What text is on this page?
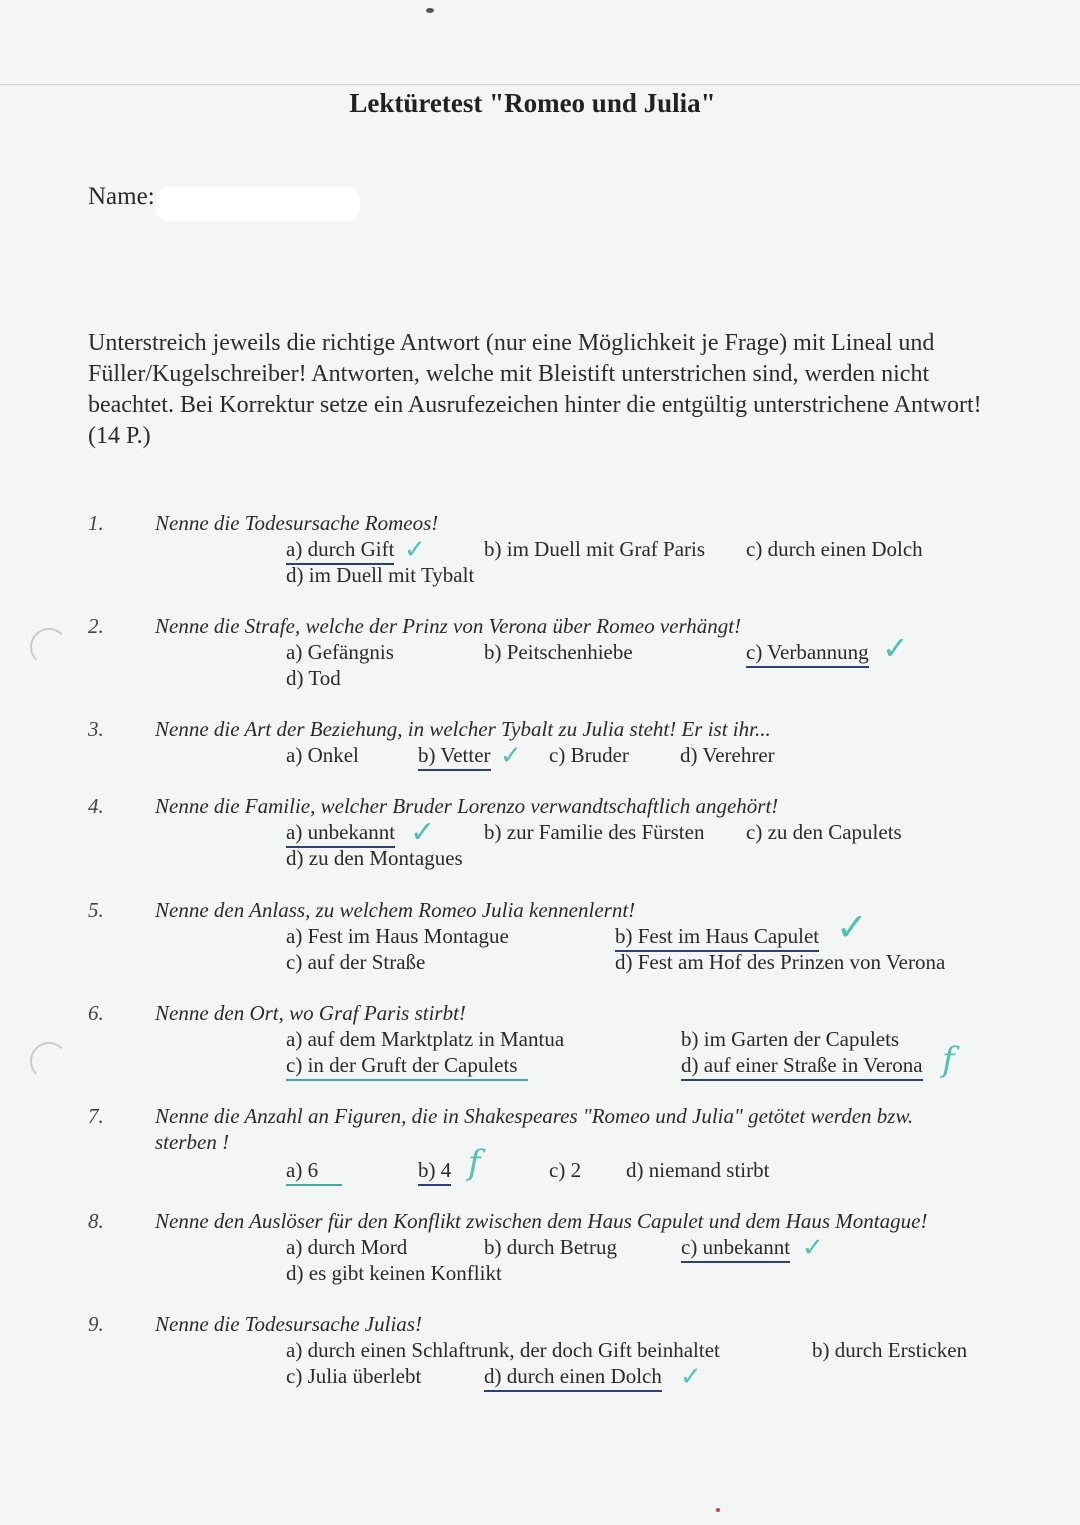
Lektüretest "Romeo und Julia"
Name:
Unterstreich jeweils die richtige Antwort (nur eine Möglichkeit je Frage) mit Lineal und Füller/Kugelschreiber! Antworten, welche mit Bleistift unterstrichen sind, werden nicht beachtet. Bei Korrektur setze ein Ausrufezeichen hinter die entgültig unterstrichene Antwort! (14 P.)
1. Nenne die Todesursache Romeos!
a) durch Gift ✓	b) im Duell mit Graf Paris c) durch einen Dolch
d) im Duell mit Tybalt
2. Nenne die Strafe, welche der Prinz von Verona über Romeo verhängt!
a) Gefängnis	b) Peitschenhiebe	c) Verbannung ✓
d) Tod
3. Nenne die Art der Beziehung, in welcher Tybalt zu Julia steht! Er ist ihr...
a) Onkel	b) Vetter ✓ c) Bruder d) Verehrer
4. Nenne die Familie, welcher Bruder Lorenzo verwandtschaftlich angehört!
a) unbekannt ✓ b) zur Familie des Fürsten c) zu den Capulets
d) zu den Montagues
5. Nenne den Anlass, zu welchem Romeo Julia kennenlernt!
a) Fest im Haus Montague	b) Fest im Haus Capulet ✓
c) auf der Straße	d) Fest am Hof des Prinzen von Verona
6. Nenne den Ort, wo Graf Paris stirbt!
a) auf dem Marktplatz in Mantua	b) im Garten der Capulets
c) in der Gruft der Capulets	d) auf einer Straße in Verona f
7. Nenne die Anzahl an Figuren, die in Shakespeares "Romeo und Julia" getötet werden bzw.
sterben !
a) 6	b) 4 f	c) 2 d) niemand stirbt
8. Nenne den Auslöser für den Konflikt zwischen dem Haus Capulet und dem Haus Montague!
a) durch Mord	b) durch Betrug	c) unbekannt ✓
d) es gibt keinen Konflikt
9. Nenne die Todesursache Julias!
a) durch einen Schlaftrunk, der doch Gift beinhaltet	b) durch Ersticken
c) Julia überlebt	d) durch einen Dolch ✓
